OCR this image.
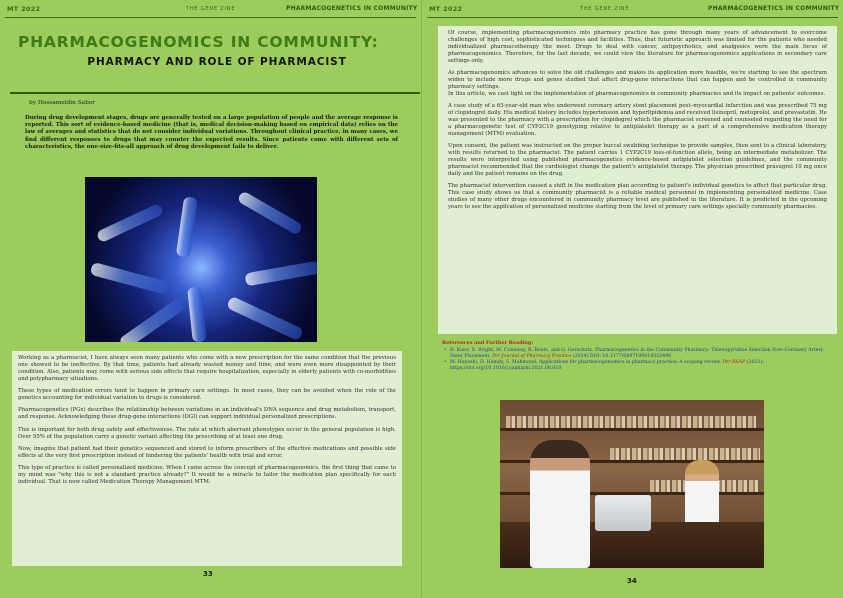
MT 2022	THE GENE ZINE	PHARMACOGENETICS IN COMMUNITY
PHARMACOGENOMICS IN COMMUNITY:
PHARMACY AND ROLE OF PHARMACIST
by Hossameldin Saber
During drug development stages, drugs are generally tested on a large population of people and the average response is reported. This sort of evidence-based medicine (that is, medical decision-making based on empirical data) relies on the law of averages and statistics that do not consider individual variations. Throughout clinical practice, in many cases, we find different responses to drugs that may counter the expected results. Since patients come with different sets of characteristics, the one-size-fits-all approach of drug development fails to deliver.

Working as a pharmacist, I have always seen many patients who come with a new prescription for the same condition that the previous one showed to be ineffective. By that time, patients had already wasted money and time, and were even more disappointed by their condition. Also, patients may come with serious side effects that require hospitalization, especially in elderly patients with co-morbidities and polypharmacy situations.

These types of medication errors tend to happen in primary care settings. In most cases, they can be avoided when the role of the genetics accounting for individual variation to drugs is considered.

Pharmacogenetics (PGx) describes the relationship between variations in an individual's DNA sequence and drug metabolism, transport, and response. Acknowledging these drug-gene interactions (DGI) can support individual personalized prescriptions.

This is important for both drug safety and effectiveness. The rate at which aberrant phenotypes occur in the general population is high. Over 95% of the population carry a genetic variant affecting the prescribing of at least one drug.

Now, imagine that patient had their genetics sequenced and stored to inform prescribers of the effective medications and possible side effects at the very first prescription instead of hindering the patients' health with trial and error.

This type of practice is called personalized medicine. When I came across the concept of pharmacogenomics, the first thing that came to my mind was "why this is not a standard practice already?" It would be a miracle to tailor the medication plan specifically for each individual. That is now called Medication Therapy Management MTM.

33
MT 2022	THE GENE ZINE	PHARMACOGENETICS IN COMMUNITY

Of course, implementing pharmacogenomics into pharmacy practice has gone through many years of advancement to overcome challenges of high cost, sophisticated techniques and facilities. Thus, that futuristic approach was limited for the patients who needed individualized pharmacotherapy the most. Drugs to deal with cancer, antipsychotics, and analgesics were the main focus of pharmacogenomics. Therefore, for the last decade, we could view the literature for pharmacogenomics applications in secondary care settings only.

As pharmacogenomics advances to solve the old challenges and makes its application more feasible, we're starting to see the spectrum widen to include more drugs and genes studied that affect drug-gene interactions that can happen and be controlled in community pharmacy settings.
In this article, we cast light on the implementation of pharmacogenomics in community pharmacies and its impact on patients' outcomes.

A case study of a 65-year-old man who underwent coronary artery stent placement post–myocardial infarction and was prescribed 75 mg of clopidogrel daily. His medical history includes hypertension and hyperlipidemia and received lisinopril, metoprolol, and pravastatin. He was presented to the pharmacy with a prescription for clopidogrel which the pharmacist screened and counseled regarding the need for a pharmacogenetic test of CYP2C19 genotyping relative to antiplatelet therapy as a part of a comprehensive medication therapy management (MTM) evaluation.

Upon consent, the patient was instructed on the proper buccal swabbing technique to provide samples, then sent to a clinical laboratory, with results returned to the pharmacist. The patient carries 1 CYP2C19 loss-of-function allele, being an intermediate metabolizer. The results were interpreted using published pharmacogenetics evidence-based antiplatelet selection guidelines, and the community pharmacist recommended that the cardiologist change the patient's antiplatelet therapy. The physician prescribed prasugrel 10 mg once daily and the patient remains on the drug.

The pharmacist intervention caused a shift in the medication plan according to patient's individual genetics to affect that particular drug. This case study shows us that a community pharmacist is a reliable medical personnel in implementing personalized medicine. Case studies of many other drugs encountered in community pharmacy level are published in the literature. It is predicted in the upcoming years to see the application of personalized medicine starting from the level of primary care settings specially community pharmacies.

References and Further Reading:
• D. Kisor, D. Bright, M. Conaway, B. Bouts, and G. Gerschutz. Pharmacogenetics in the Community Pharmacy: Thienopyridine Selection Post–Coronary Artery Stent Placement. Per Journal of Pharmacy Practice (2014) DOI: 10.1177/0897190014522496
• M. Hayashi, D. Hamdy, S. Mahmoud. Applications for pharmacogenomics in pharmacy practice: A scoping review. Per RSAP (2021): https://doi.org/10.1016/j.sapharm.2021.08.010
34
